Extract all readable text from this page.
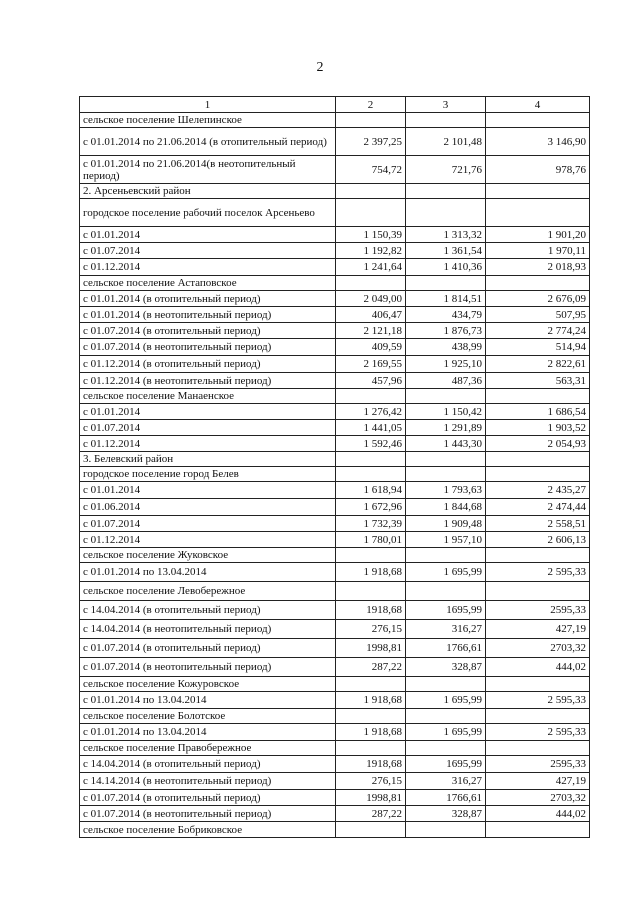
2
1	2	3	4
сельское поселение Шелепинское			
с 01.01.2014 по 21.06.2014 (в отопительный период)	2 397,25	2 101,48	3 146,90
с 01.01.2014 по 21.06.2014(в неотопительный период)	754,72	721,76	978,76
2. Арсеньевский район			
городское поселение рабочий поселок Арсеньево			
с 01.01.2014	1 150,39	1 313,32	1 901,20
с 01.07.2014	1 192,82	1 361,54	1 970,11
с 01.12.2014	1 241,64	1 410,36	2 018,93
сельское поселение Астаповское			
с 01.01.2014 (в отопительный период)	2 049,00	1 814,51	2 676,09
с 01.01.2014 (в неотопительный период)	406,47	434,79	507,95
с 01.07.2014 (в отопительный период)	2 121,18	1 876,73	2 774,24
с 01.07.2014 (в неотопительный период)	409,59	438,99	514,94
с 01.12.2014 (в отопительный период)	2 169,55	1 925,10	2 822,61
с 01.12.2014 (в неотопительный период)	457,96	487,36	563,31
сельское поселение Манаенское			
с 01.01.2014	1 276,42	1 150,42	1 686,54
с 01.07.2014	1 441,05	1 291,89	1 903,52
с 01.12.2014	1 592,46	1 443,30	2 054,93
3. Белевский район			
городское поселение город Белев			
с 01.01.2014	1 618,94	1 793,63	2 435,27
с 01.06.2014	1 672,96	1 844,68	2 474,44
с 01.07.2014	1 732,39	1 909,48	2 558,51
с 01.12.2014	1 780,01	1 957,10	2 606,13
сельское поселение Жуковское			
с 01.01.2014 по 13.04.2014	1 918,68	1 695,99	2 595,33
сельское поселение Левобережное			
с 14.04.2014 (в отопительный период)	1918,68	1695,99	2595,33
с 14.04.2014 (в неотопительный период)	276,15	316,27	427,19
с 01.07.2014 (в отопительный период)	1998,81	1766,61	2703,32
с 01.07.2014 (в неотопительный период)	287,22	328,87	444,02
сельское поселение Кожуровское			
с 01.01.2014 по 13.04.2014	1 918,68	1 695,99	2 595,33
сельское поселение Болотское			
с 01.01.2014 по 13.04.2014	1 918,68	1 695,99	2 595,33
сельское поселение Правобережное			
с 14.04.2014 (в отопительный период)	1918,68	1695,99	2595,33
с 14.14.2014 (в неотопительный период)	276,15	316,27	427,19
с 01.07.2014 (в отопительный период)	1998,81	1766,61	2703,32
с 01.07.2014 (в неотопительный период)	287,22	328,87	444,02
сельское поселение Бобриковское			
